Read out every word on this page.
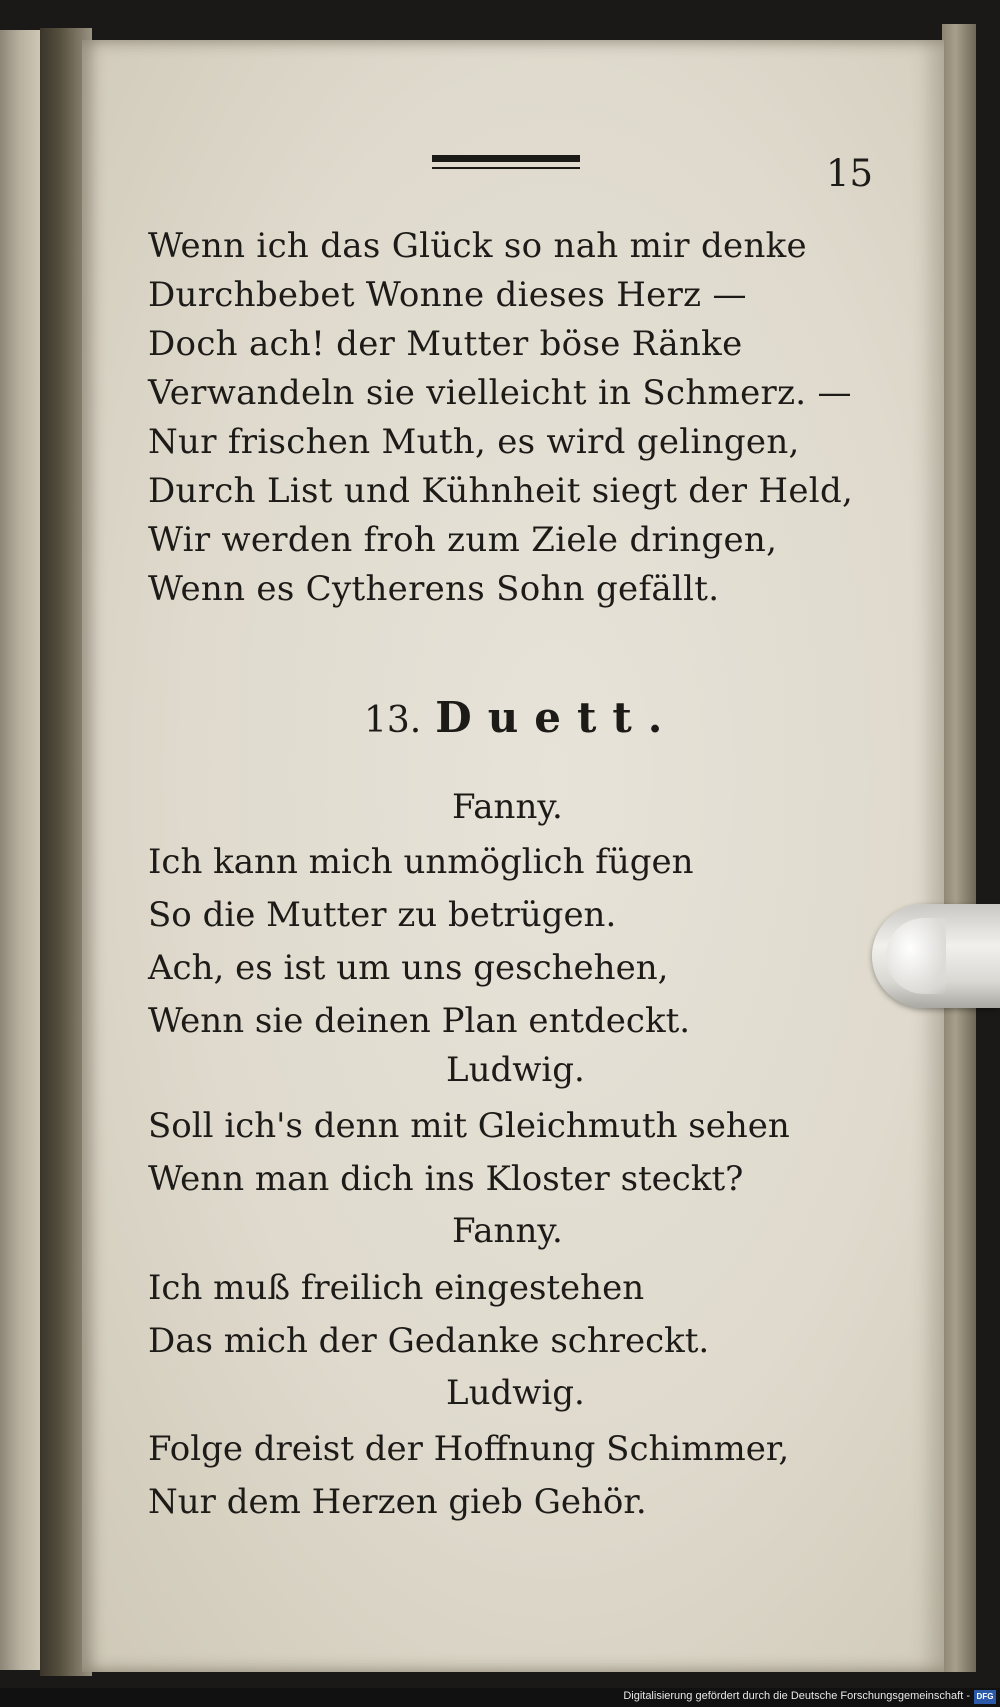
15
Wenn ich das Glück so nah mir denke
Durchbebet Wonne dieses Herz —
Doch ach! der Mutter böse Ränke
Verwandeln sie vielleicht in Schmerz. —
Nur frischen Muth, es wird gelingen,
Durch List und Kühnheit siegt der Held,
Wir werden froh zum Ziele dringen,
Wenn es Cytherens Sohn gefällt.
13. Duett.
Fanny.
Ich kann mich unmöglich fügen
So die Mutter zu betrügen.
Ach, es ist um uns geschehen,
Wenn sie deinen Plan entdeckt.
Ludwig.
Soll ich's denn mit Gleichmuth sehen
Wenn man dich ins Kloster steckt?
Fanny.
Ich muß freilich eingestehen
Das mich der Gedanke schreckt.
Ludwig.
Folge dreist der Hoffnung Schimmer,
Nur dem Herzen gieb Gehör.
Digitalisierung gefördert durch die Deutsche Forschungsgemeinschaft - DFG
